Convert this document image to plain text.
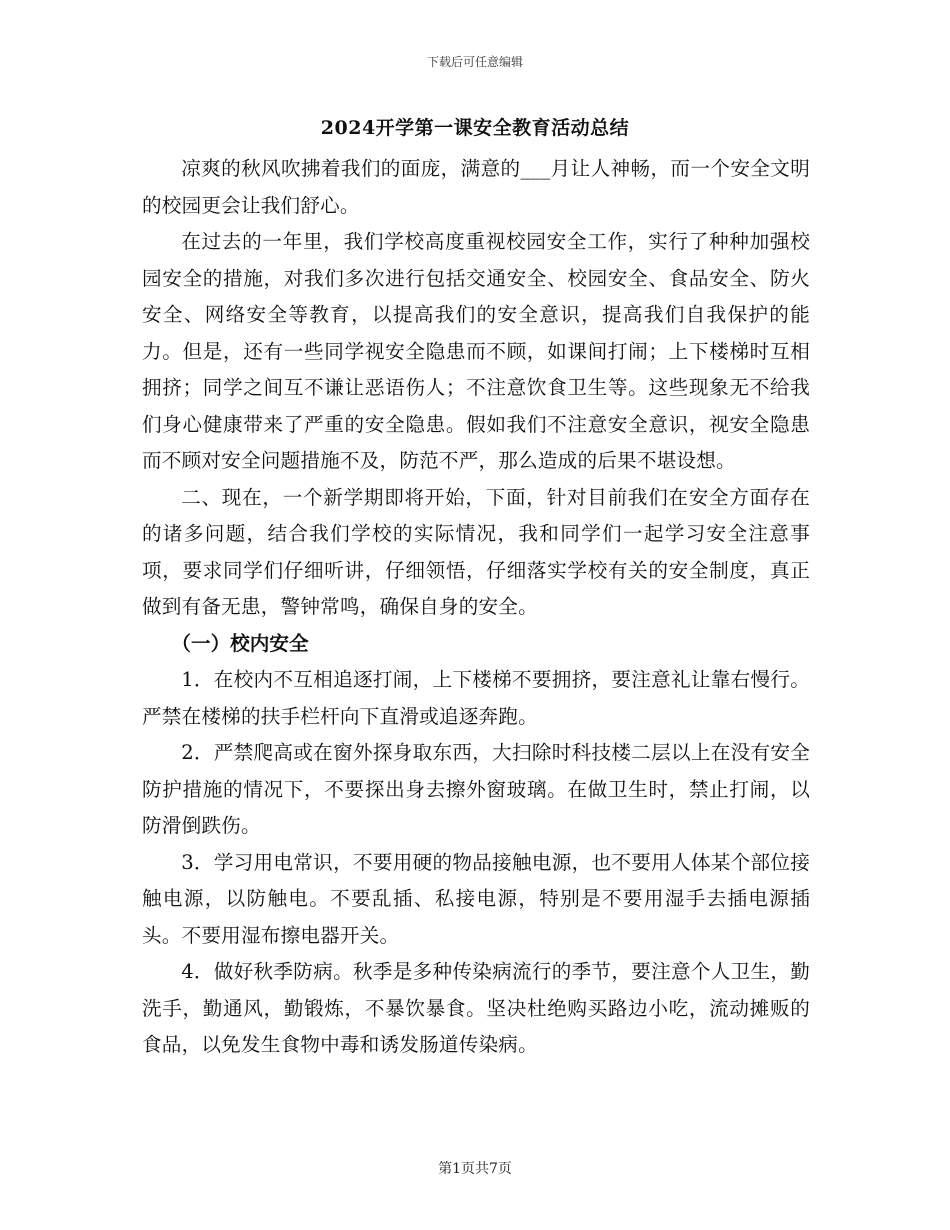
下载后可任意编辑
2024开学第一课安全教育活动总结

凉爽的秋风吹拂着我们的面庞，满意的___月让人神畅，而一个安全文明的校园更会让我们舒心。

在过去的一年里，我们学校高度重视校园安全工作，实行了种种加强校园安全的措施，对我们多次进行包括交通安全、校园安全、食品安全、防火安全、网络安全等教育，以提高我们的安全意识，提高我们自我保护的能力。但是，还有一些同学视安全隐患而不顾，如课间打闹；上下楼梯时互相拥挤；同学之间互不谦让恶语伤人；不注意饮食卫生等。这些现象无不给我们身心健康带来了严重的安全隐患。假如我们不注意安全意识，视安全隐患而不顾对安全问题措施不及，防范不严，那么造成的后果不堪设想。

二、现在，一个新学期即将开始，下面，针对目前我们在安全方面存在的诸多问题，结合我们学校的实际情况，我和同学们一起学习安全注意事项，要求同学们仔细听讲，仔细领悟，仔细落实学校有关的安全制度，真正做到有备无患，警钟常鸣，确保自身的安全。

（一）校内安全

1．在校内不互相追逐打闹，上下楼梯不要拥挤，要注意礼让靠右慢行。严禁在楼梯的扶手栏杆向下直滑或追逐奔跑。

2．严禁爬高或在窗外探身取东西，大扫除时科技楼二层以上在没有安全防护措施的情况下，不要探出身去擦外窗玻璃。在做卫生时，禁止打闹，以防滑倒跌伤。

3．学习用电常识，不要用硬的物品接触电源，也不要用人体某个部位接触电源，以防触电。不要乱插、私接电源，特别是不要用湿手去插电源插头。不要用湿布擦电器开关。

4．做好秋季防病。秋季是多种传染病流行的季节，要注意个人卫生，勤洗手，勤通风，勤锻炼，不暴饮暴食。坚决杜绝购买路边小吃，流动摊贩的食品，以免发生食物中毒和诱发肠道传染病。

第1页共7页
